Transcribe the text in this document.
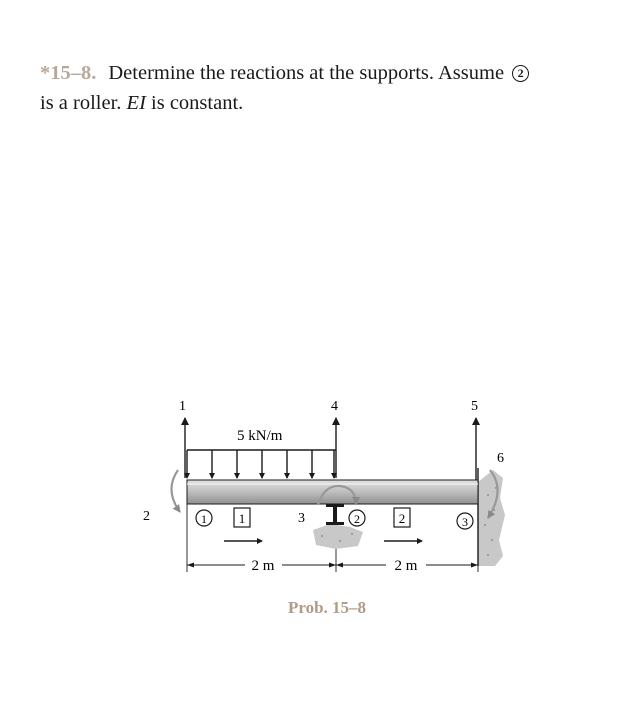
*15–8. Determine the reactions at the supports. Assume 2
is a roller. EI is constant.
5 kN/m
1
2	3
4	5
6
1	2	3
1	2
2 m	2 m
Prob. 15–8
